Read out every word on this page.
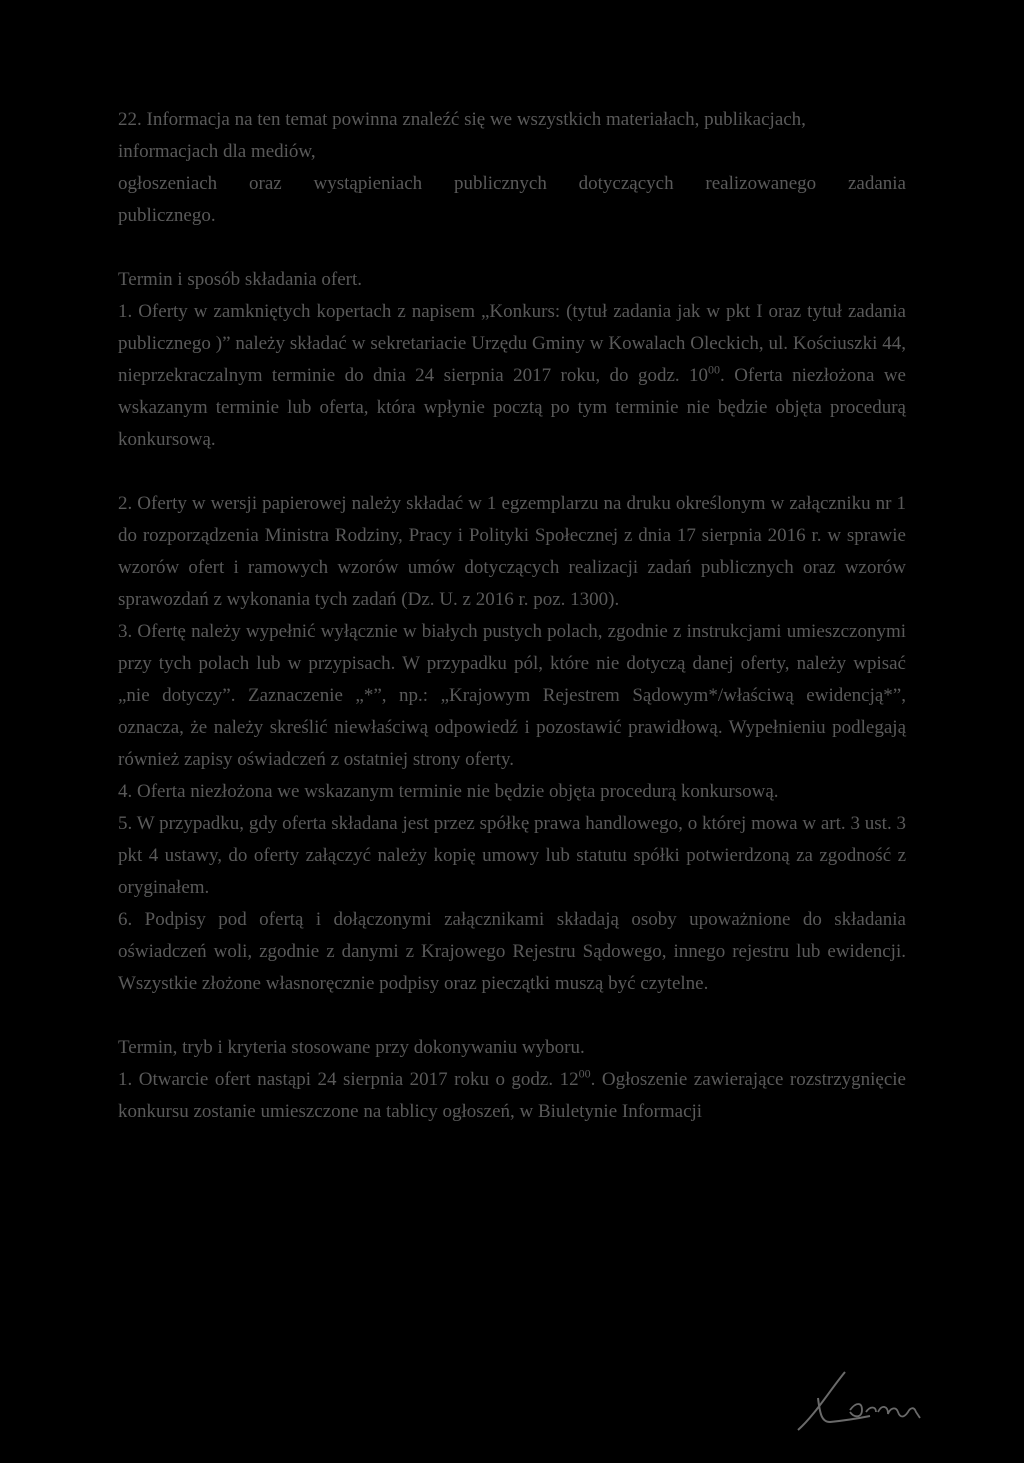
22. Informacja na ten temat powinna znaleźć się we wszystkich materiałach, publikacjach,

informacjach dla mediów,

ogłoszeniach oraz wystąpieniach publicznych dotyczących realizowanego zadania

publicznego.

Termin i sposób składania ofert.

1. Oferty w zamkniętych kopertach z napisem „Konkurs: (tytuł zadania jak w pkt I oraz tytuł zadania publicznego )” należy składać w sekretariacie Urzędu Gminy w Kowalach Oleckich, ul. Kościuszki 44, nieprzekraczalnym terminie do dnia 24 sierpnia 2017 roku, do godz. $10^{00}$. Oferta niezłożona we wskazanym terminie lub oferta, która wpłynie pocztą po tym terminie nie będzie objęta procedurą konkursową.

2. Oferty w wersji papierowej należy składać w 1 egzemplarzu na druku określonym w załączniku nr 1 do rozporządzenia Ministra Rodziny, Pracy i Polityki Społecznej z dnia 17 sierpnia 2016 r. w sprawie wzorów ofert i ramowych wzorów umów dotyczących realizacji zadań publicznych oraz wzorów sprawozdań z wykonania tych zadań (Dz. U. z 2016 r. poz. 1300).

3. Ofertę należy wypełnić wyłącznie w białych pustych polach, zgodnie z instrukcjami umieszczonymi przy tych polach lub w przypisach. W przypadku pól, które nie dotyczą danej oferty, należy wpisać „nie dotyczy”. Zaznaczenie „*”, np.: „Krajowym Rejestrem Sądowym*/właściwą ewidencją*”, oznacza, że należy skreślić niewłaściwą odpowiedź i pozostawić prawidłową. Wypełnieniu podlegają również zapisy oświadczeń z ostatniej strony oferty.

4. Oferta niezłożona we wskazanym terminie nie będzie objęta procedurą konkursową.

5. W przypadku, gdy oferta składana jest przez spółkę prawa handlowego, o której mowa w art. 3 ust. 3 pkt 4 ustawy, do oferty załączyć należy kopię umowy lub statutu spółki potwierdzoną za zgodność z oryginałem.

6. Podpisy pod ofertą i dołączonymi załącznikami składają osoby upoważnione do składania oświadczeń woli, zgodnie z danymi z Krajowego Rejestru Sądowego, innego rejestru lub ewidencji. Wszystkie złożone własnoręcznie podpisy oraz pieczątki muszą być czytelne.

Termin, tryb i kryteria stosowane przy dokonywaniu wyboru.

1. Otwarcie ofert nastąpi 24 sierpnia 2017 roku o godz. $12^{00}$. Ogłoszenie zawierające rozstrzygnięcie konkursu zostanie umieszczone na tablicy ogłoszeń, w Biuletynie Informacji
